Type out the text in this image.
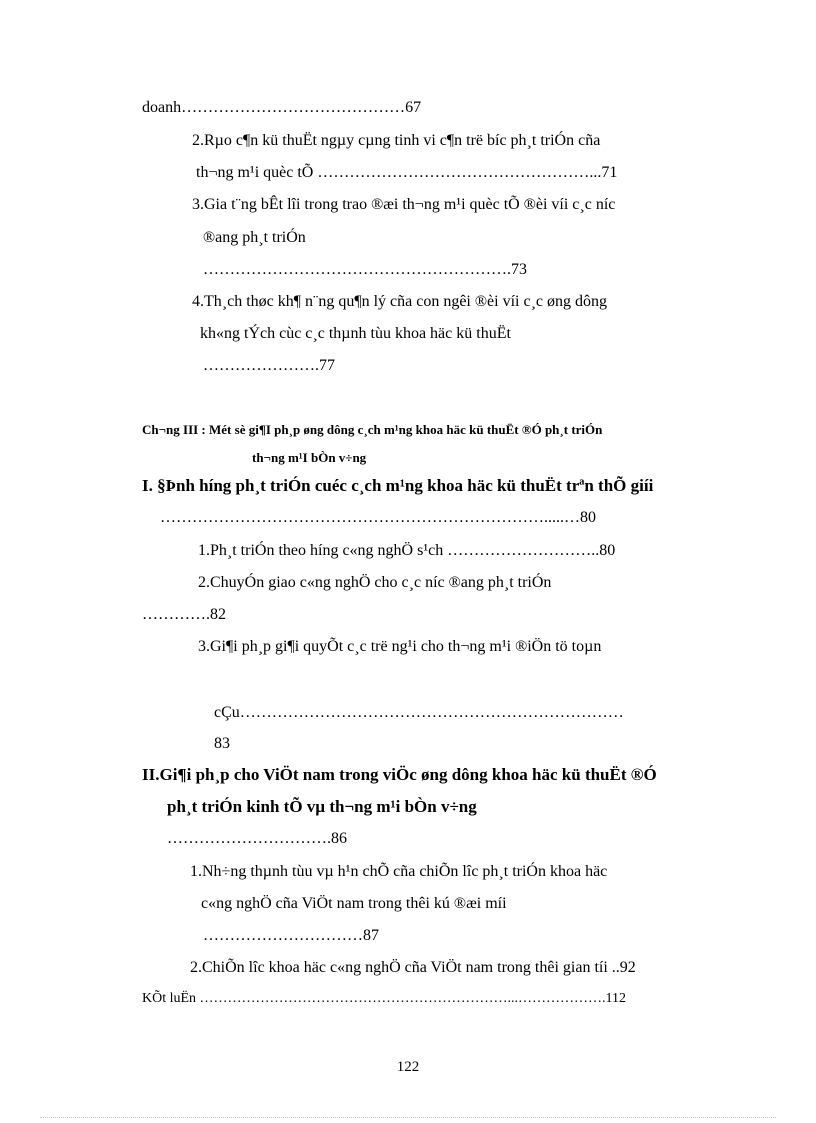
doanh……………………………………67
2.Rµo c¶n kü thuËt ngµy cµng tinh vi c¶n trë bíc ph¸t triÓn cña
th¬ng m¹i quèc tÕ ……………………………………………...71
3.Gia t¨ng bÊt lîi trong trao ®æi th¬ng m¹i quèc tÕ ®èi víi c¸c níc
®ang ph¸t triÓn
………………………………………………….73
4.Th¸ch thøc kh¶ n¨ng qu¶n lý cña con ngêi ®èi víi c¸c øng dông
kh«ng tÝch cùc c¸c thµnh tùu khoa häc kü thuËt
………………….77
Ch¬ng III : Mét sè gi¶I ph¸p øng dông c¸ch m¹ng khoa häc kü thuËt ®Ó ph¸t triÓn
th¬ng m¹I bÒn v÷ng
I. §Þnh híng ph¸t triÓn cuéc c¸ch m¹ng khoa häc kü thuËt trªn thÕ giíi
……………………………………………………………….....…80
1.Ph¸t triÓn theo híng c«ng nghÖ s¹ch ………………………..80
2.ChuyÓn giao c«ng nghÖ cho c¸c níc ®ang ph¸t triÓn
………….82
3.Gi¶i ph¸p gi¶i quyÕt c¸c trë ng¹i cho th¬ng m¹i ®iÖn tö toµn
cÇu………………………………………………………………
83
II.Gi¶i ph¸p cho ViÖt nam trong viÖc øng dông khoa häc kü thuËt ®Ó
ph¸t triÓn kinh tÕ vµ th¬ng m¹i bÒn v÷ng
………………………….86
1.Nh÷ng thµnh tùu vµ h¹n chÕ cña chiÕn lîc ph¸t triÓn khoa häc
c«ng nghÖ cña ViÖt nam trong thêi kú ®æi míi
…………………………87
2.ChiÕn lîc khoa häc c«ng nghÖ cña ViÖt nam trong thêi gian tíi ..92
KÕt luËn …………………………………………………………...……………….112
122
